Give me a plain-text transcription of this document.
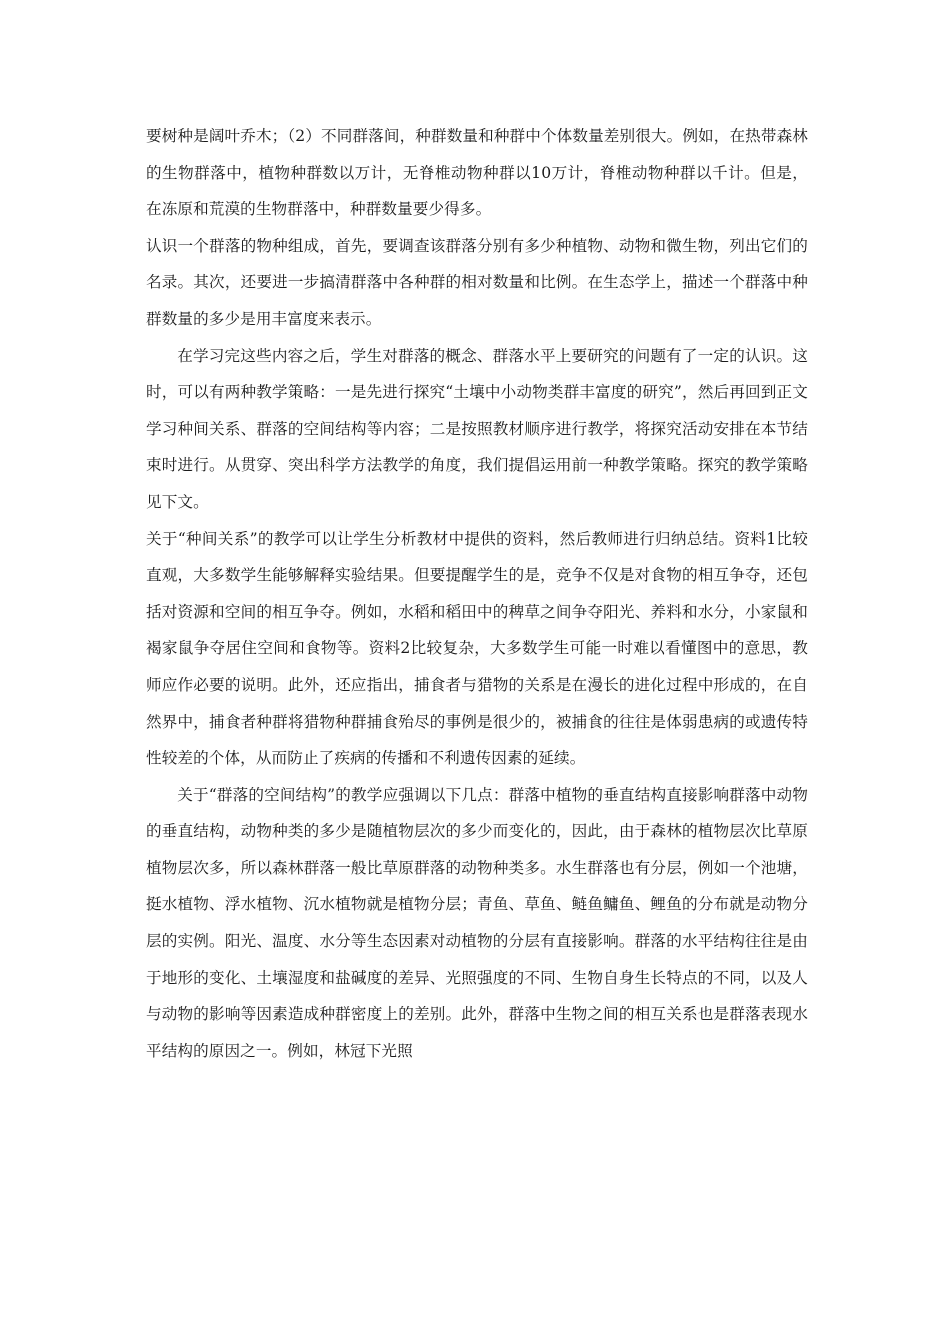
要树种是阔叶乔木；（2）不同群落间，种群数量和种群中个体数量差别很大。例如，在热带森林的生物群落中，植物种群数以万计，无脊椎动物种群以10万计，脊椎动物种群以千计。但是，在冻原和荒漠的生物群落中，种群数量要少得多。

认识一个群落的物种组成，首先，要调查该群落分别有多少种植物、动物和微生物，列出它们的名录。其次，还要进一步搞清群落中各种群的相对数量和比例。在生态学上，描述一个群落中种群数量的多少是用丰富度来表示。

在学习完这些内容之后，学生对群落的概念、群落水平上要研究的问题有了一定的认识。这时，可以有两种教学策略：一是先进行探究“土壤中小动物类群丰富度的研究”，然后再回到正文学习种间关系、群落的空间结构等内容；二是按照教材顺序进行教学，将探究活动安排在本节结束时进行。从贯穿、突出科学方法教学的角度，我们提倡运用前一种教学策略。探究的教学策略见下文。

关于“种间关系”的教学可以让学生分析教材中提供的资料，然后教师进行归纳总结。资料1比较直观，大多数学生能够解释实验结果。但要提醒学生的是，竞争不仅是对食物的相互争夺，还包括对资源和空间的相互争夺。例如，水稻和稻田中的稗草之间争夺阳光、养料和水分，小家鼠和褐家鼠争夺居住空间和食物等。资料2比较复杂，大多数学生可能一时难以看懂图中的意思，教师应作必要的说明。此外，还应指出，捕食者与猎物的关系是在漫长的进化过程中形成的，在自然界中，捕食者种群将猎物种群捕食殆尽的事例是很少的，被捕食的往往是体弱患病的或遗传特性较差的个体，从而防止了疾病的传播和不利遗传因素的延续。

关于“群落的空间结构”的教学应强调以下几点：群落中植物的垂直结构直接影响群落中动物的垂直结构，动物种类的多少是随植物层次的多少而变化的，因此，由于森林的植物层次比草原植物层次多，所以森林群落一般比草原群落的动物种类多。水生群落也有分层，例如一个池塘，挺水植物、浮水植物、沉水植物就是植物分层；青鱼、草鱼、鲢鱼鳙鱼、鲤鱼的分布就是动物分层的实例。阳光、温度、水分等生态因素对动植物的分层有直接影响。群落的水平结构往往是由于地形的变化、土壤湿度和盐碱度的差异、光照强度的不同、生物自身生长特点的不同，以及人与动物的影响等因素造成种群密度上的差别。此外，群落中生物之间的相互关系也是群落表现水平结构的原因之一。例如，林冠下光照
